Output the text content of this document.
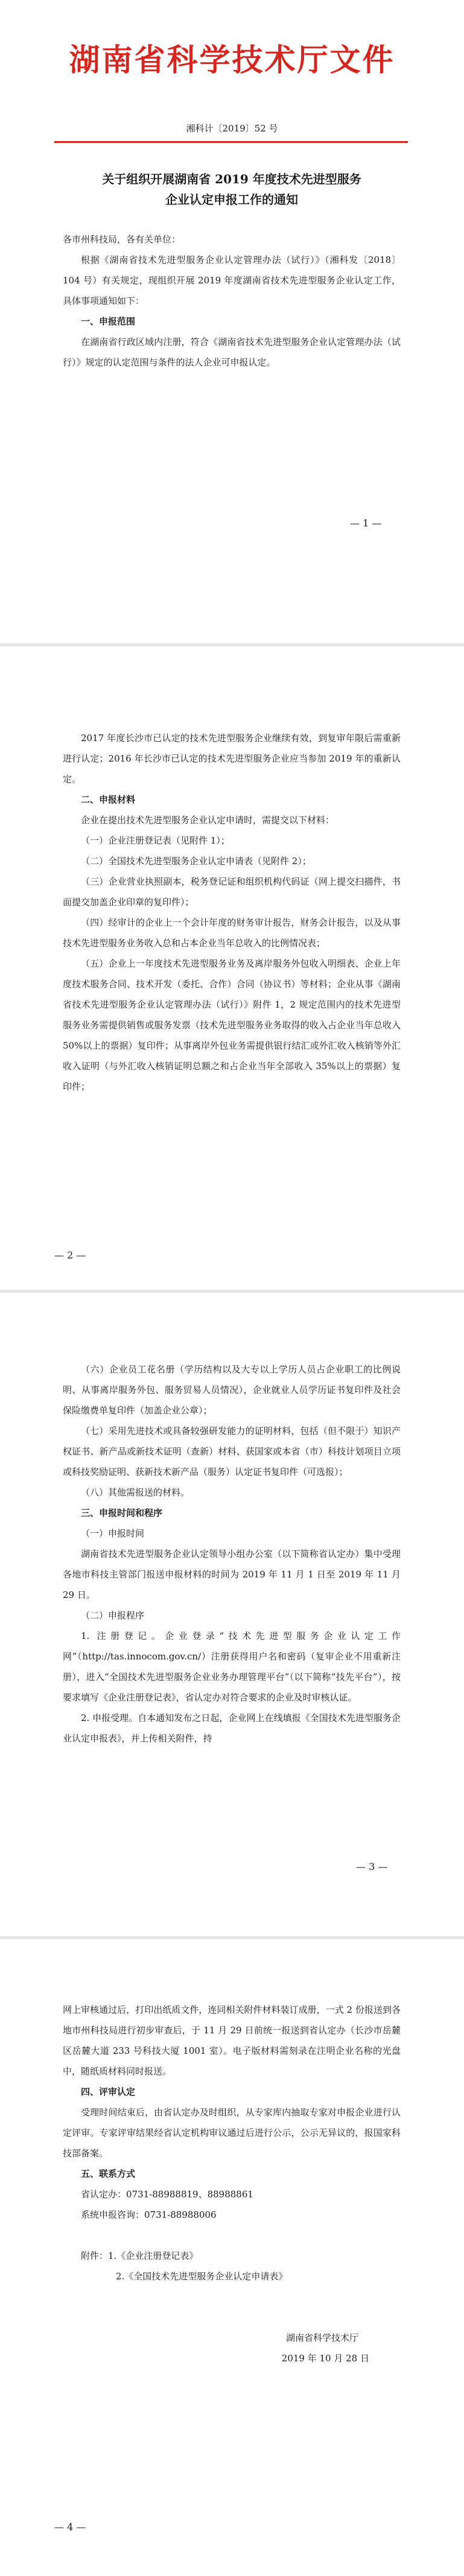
湖南省科学技术厅文件
湘科计〔2019〕52 号
关于组织开展湖南省 2019 年度技术先进型服务
企业认定申报工作的通知

各市州科技局，各有关单位：

根据《湖南省技术先进型服务企业认定管理办法（试行）》（湘科发〔2018〕104 号）有关规定，现组织开展 2019 年度湖南省技术先进型服务企业认定工作，具体事项通知如下：

一、申报范围

在湖南省行政区域内注册，符合《湖南省技术先进型服务企业认定管理办法（试行）》规定的认定范围与条件的法人企业可申报认定。

— 1 —

2017 年度长沙市已认定的技术先进型服务企业继续有效，到复审年限后需重新进行认定；2016 年长沙市已认定的技术先进型服务企业应当参加 2019 年的重新认定。

二、申报材料

企业在提出技术先进型服务企业认定申请时，需提交以下材料：

（一）企业注册登记表（见附件 1）；

（二）全国技术先进型服务企业认定申请表（见附件 2）；

（三）企业营业执照副本，税务登记证和组织机构代码证（网上提交扫描件，书面提交加盖企业印章的复印件）；

（四）经审计的企业上一个会计年度的财务审计报告，财务会计报告，以及从事技术先进型服务业务收入总和占本企业当年总收入的比例情况表；

（五）企业上一年度技术先进型服务业务及离岸服务外包收入明细表、企业上年度技术服务合同、技术开发（委托、合作）合同（协议书）等材料；企业从事《湖南省技术先进型服务企业认定管理办法（试行）》附件 1，2 规定范围内的技术先进型服务业务需提供销售或服务发票（技术先进型服务业务取得的收入占企业当年总收入 50%以上的票据）复印件；从事离岸外包业务需提供银行结汇或外汇收入核销等外汇收入证明（与外汇收入核销证明总额之和占企业当年全部收入 35%以上的票据）复印件；

— 2 —

（六）企业员工花名册（学历结构以及大专以上学历人员占企业职工的比例说明、从事离岸服务外包、服务贸易人员情况），企业就业人员学历证书复印件及社会保险缴费单复印件（加盖企业公章）；

（七）采用先进技术或具备较强研发能力的证明材料，包括（但不限于）知识产权证书、新产品或新技术证明（查新）材料、获国家或本省（市）科技计划项目立项或科技奖励证明、获新技术新产品（服务）认定证书复印件（可选报）；

（八）其他需报送的材料。

三、申报时间和程序

（一）申报时间

湖南省技术先进型服务企业认定领导小组办公室（以下简称省认定办）集中受理各地市科技主管部门报送申报材料的时间为 2019 年 11 月 1 日至 2019 年 11 月 29 日。

（二）申报程序

1. 注册登记。企业登录“技术先进型服务企业认定工作网”（http://tas.innocom.gov.cn/）注册获得用户名和密码（复审企业不用重新注册），进入“全国技术先进型服务企业业务办理管理平台”（以下简称“技先平台”），按要求填写《企业注册登记表》，省认定办对符合要求的企业及时审核认证。

2. 申报受理。自本通知发布之日起，企业网上在线填报《全国技术先进型服务企业认定申报表》，并上传相关附件，持

— 3 —

网上审核通过后，打印出纸质文件，连同相关附件材料装订成册，一式 2 份报送到各地市州科技局进行初步审查后，于 11 月 29 日前统一报送到省认定办（长沙市岳麓区岳麓大道 233 号科技大厦 1001 室）。电子版材料需刻录在注明企业名称的光盘中，随纸质材料同时报送。

四、评审认定

受理时间结束后，由省认定办及时组织，从专家库内抽取专家对申报企业进行认定评审。专家评审结果经省认定机构审议通过后进行公示，公示无异议的，报国家科技部备案。

五、联系方式

省认定办：0731-88988819、88988861

系统申报咨询：0731-88988006

附件：1.《企业注册登记表》

2.《全国技术先进型服务企业认定申请表》

湖南省科学技术厅

2019 年 10 月 28 日

— 4 —
